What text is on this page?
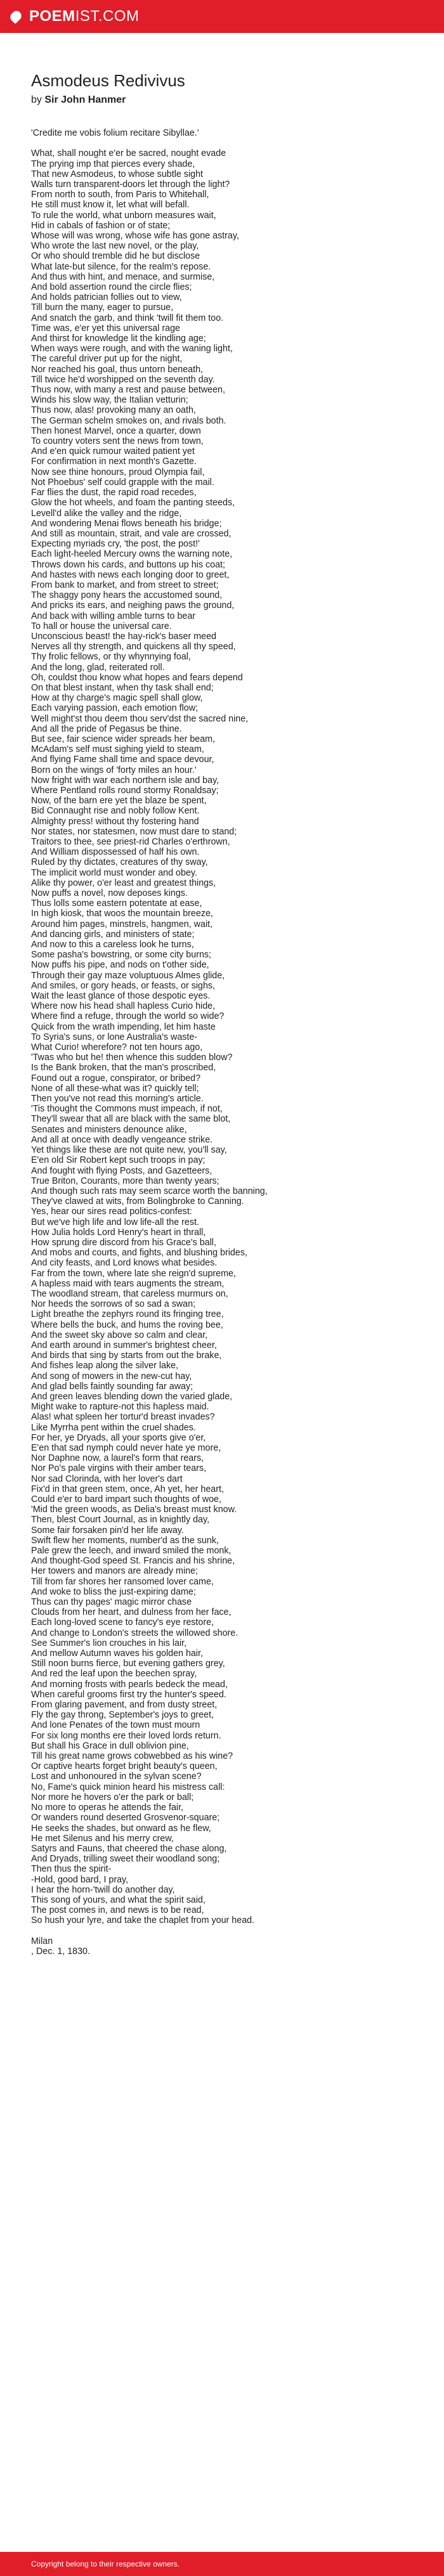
POEMIST.COM
Asmodeus Redivivus
by Sir John Hanmer
'Credite me vobis folium recitare Sibyllae.'
What, shall nought e'er be sacred, nought evade
The prying imp that pierces every shade,
That new Asmodeus, to whose subtle sight
Walls turn transparent-doors let through the light?
From north to south, from Paris to Whitehall,
He still must know it, let what will befall.
To rule the world, what unborn measures wait,
Hid in cabals of fashion or of state;
Whose will was wrong, whose wife has gone astray,
Who wrote the last new novel, or the play,
Or who should tremble did he but disclose
What late-but silence, for the realm's repose.
And thus with hint, and menace, and surmise,
And bold assertion round the circle flies;
And holds patrician follies out to view,
Till burn the many, eager to pursue,
And snatch the garb, and think 'twill fit them too.
Time was, e'er yet this universal rage
And thirst for knowledge lit the kindling age;
When ways were rough, and with the waning light,
The careful driver put up for the night,
Nor reached his goal, thus untorn beneath,
Till twice he'd worshipped on the seventh day.
Thus now, with many a rest and pause between,
Winds his slow way, the Italian vetturin;
Thus now, alas! provoking many an oath,
The German schelm smokes on, and rivals both.
Then honest Marvel, once a quarter, down
To country voters sent the news from town,
And e'en quick rumour waited patient yet
For confirmation in next month's Gazette.
Now see thine honours, proud Olympia fail,
Not Phoebus' self could grapple with the mail.
Far flies the dust, the rapid road recedes,
Glow the hot wheels, and foam the panting steeds,
Levell'd alike the valley and the ridge,
And wondering Menai flows beneath his bridge;
And still as mountain, strait, and vale are crossed,
Expecting myriads cry, 'the post, the post!'
Each light-heeled Mercury owns the warning note,
Throws down his cards, and buttons up his coat;
And hastes with news each longing door to greet,
From bank to market, and from street to street;
The shaggy pony hears the accustomed sound,
And pricks its ears, and neighing paws the ground,
And back with willing amble turns to bear
To hall or house the universal care.
Unconscious beast! the hay-rick's baser meed
Nerves all thy strength, and quickens all thy speed,
Thy frolic fellows, or thy whynnying foal,
And the long, glad, reiterated roll.
Oh, couldst thou know what hopes and fears depend
On that blest instant, when thy task shall end;
How at thy charge's magic spell shall glow,
Each varying passion, each emotion flow;
Well might'st thou deem thou serv'dst the sacred nine,
And all the pride of Pegasus be thine.
But see, fair science wider spreads her beam,
McAdam's self must sighing yield to steam,
And flying Fame shall time and space devour,
Born on the wings of 'forty miles an hour.'
Now fright with war each northern isle and bay,
Where Pentland rolls round stormy Ronaldsay;
Now, of the barn ere yet the blaze be spent,
Bid Connaught rise and nobly follow Kent.
Almighty press! without thy fostering hand
Nor states, nor statesmen, now must dare to stand;
Traitors to thee, see priest-rid Charles o'erthrown,
And William dispossessed of half his own.
Ruled by thy dictates, creatures of thy sway,
The implicit world must wonder and obey.
Alike thy power, o'er least and greatest things,
Now puffs a novel, now deposes kings.
Thus lolls some eastern potentate at ease,
In high kiosk, that woos the mountain breeze,
Around him pages, minstrels, hangmen, wait,
And dancing girls, and ministers of state;
And now to this a careless look he turns,
Some pasha's bowstring, or some city burns;
Now puffs his pipe, and nods on t'other side,
Through their gay maze voluptuous Almes glide,
And smiles, or gory heads, or feasts, or sighs,
Wait the least glance of those despotic eyes.
Where now his head shall hapless Curio hide,
Where find a refuge, through the world so wide?
Quick from the wrath impending, let him haste
To Syria's suns, or lone Australia's waste-
What Curio! wherefore? not ten hours ago,
'Twas who but he! then whence this sudden blow?
Is the Bank broken, that the man's proscribed,
Found out a rogue, conspirator, or bribed?
None of all these-what was it? quickly tell;
Then you've not read this morning's article.
'Tis thought the Commons must impeach, if not,
They'll swear that all are black with the same blot,
Senates and ministers denounce alike,
And all at once with deadly vengeance strike.
Yet things like these are not quite new, you'll say,
E'en old Sir Robert kept such troops in pay;
And fought with flying Posts, and Gazetteers,
True Briton, Courants, more than twenty years;
And though such rats may seem scarce worth the banning,
They've clawed at wits, from Bolingbroke to Canning.
Yes, hear our sires read politics-confest:
But we've high life and low life-all the rest.
How Julia holds Lord Henry's heart in thrall,
How sprung dire discord from his Grace's ball,
And mobs and courts, and fights, and blushing brides,
And city feasts, and Lord knows what besides.
Far from the town, where late she reign'd supreme,
A hapless maid with tears augments the stream,
The woodland stream, that careless murmurs on,
Nor heeds the sorrows of so sad a swan;
Light breathe the zephyrs round its fringing tree,
Where bells the buck, and hums the roving bee,
And the sweet sky above so calm and clear,
And earth around in summer's brightest cheer,
And birds that sing by starts from out the brake,
And fishes leap along the silver lake,
And song of mowers in the new-cut hay,
And glad bells faintly sounding far away;
And green leaves blending down the varied glade,
Might wake to rapture-not this hapless maid.
Alas! what spleen her tortur'd breast invades?
Like Myrrha pent within the cruel shades.
For her, ye Dryads, all your sports give o'er,
E'en that sad nymph could never hate ye more,
Nor Daphne now, a laurel's form that rears,
Nor Po's pale virgins with their amber tears,
Nor sad Clorinda, with her lover's dart
Fix'd in that green stem, once, Ah yet, her heart,
Could e'er to bard impart such thoughts of woe,
'Mid the green woods, as Delia's breast must know.
Then, blest Court Journal, as in knightly day,
Some fair forsaken pin'd her life away.
Swift flew her moments, number'd as the sunk,
Pale grew the leech, and inward smiled the monk,
And thought-God speed St. Francis and his shrine,
Her towers and manors are already mine;
Till from far shores her ransomed lover came,
And woke to bliss the just-expiring dame;
Thus can thy pages' magic mirror chase
Clouds from her heart, and dulness from her face,
Each long-loved scene to fancy's eye restore,
And change to London's streets the willowed shore.
See Summer's lion crouches in his lair,
And mellow Autumn waves his golden hair,
Still noon burns fierce, but evening gathers grey,
And red the leaf upon the beechen spray,
And morning frosts with pearls bedeck the mead,
When careful grooms first try the hunter's speed.
From glaring pavement, and from dusty street,
Fly the gay throng, September's joys to greet,
And lone Penates of the town must mourn
For six long months ere their loved lords return.
But shall his Grace in dull oblivion pine,
Till his great name grows cobwebbed as his wine?
Or captive hearts forget bright beauty's queen,
Lost and unhonoured in the sylvan scene?
No, Fame's quick minion heard his mistress call:
Nor more he hovers o'er the park or ball;
No more to operas he attends the fair,
Or wanders round deserted Grosvenor-square;
He seeks the shades, but onward as he flew,
He met Silenus and his merry crew,
Satyrs and Fauns, that cheered the chase along,
And Dryads, trilling sweet their woodland song;
Then thus the spirit-
-Hold, good bard, I pray,
I hear the horn-'twill do another day,
This song of yours, and what the spirit said,
The post comes in, and news is to be read,
So hush your lyre, and take the chaplet from your head.
Milan
, Dec. 1, 1830.
Copyright belong to their respective owners.
